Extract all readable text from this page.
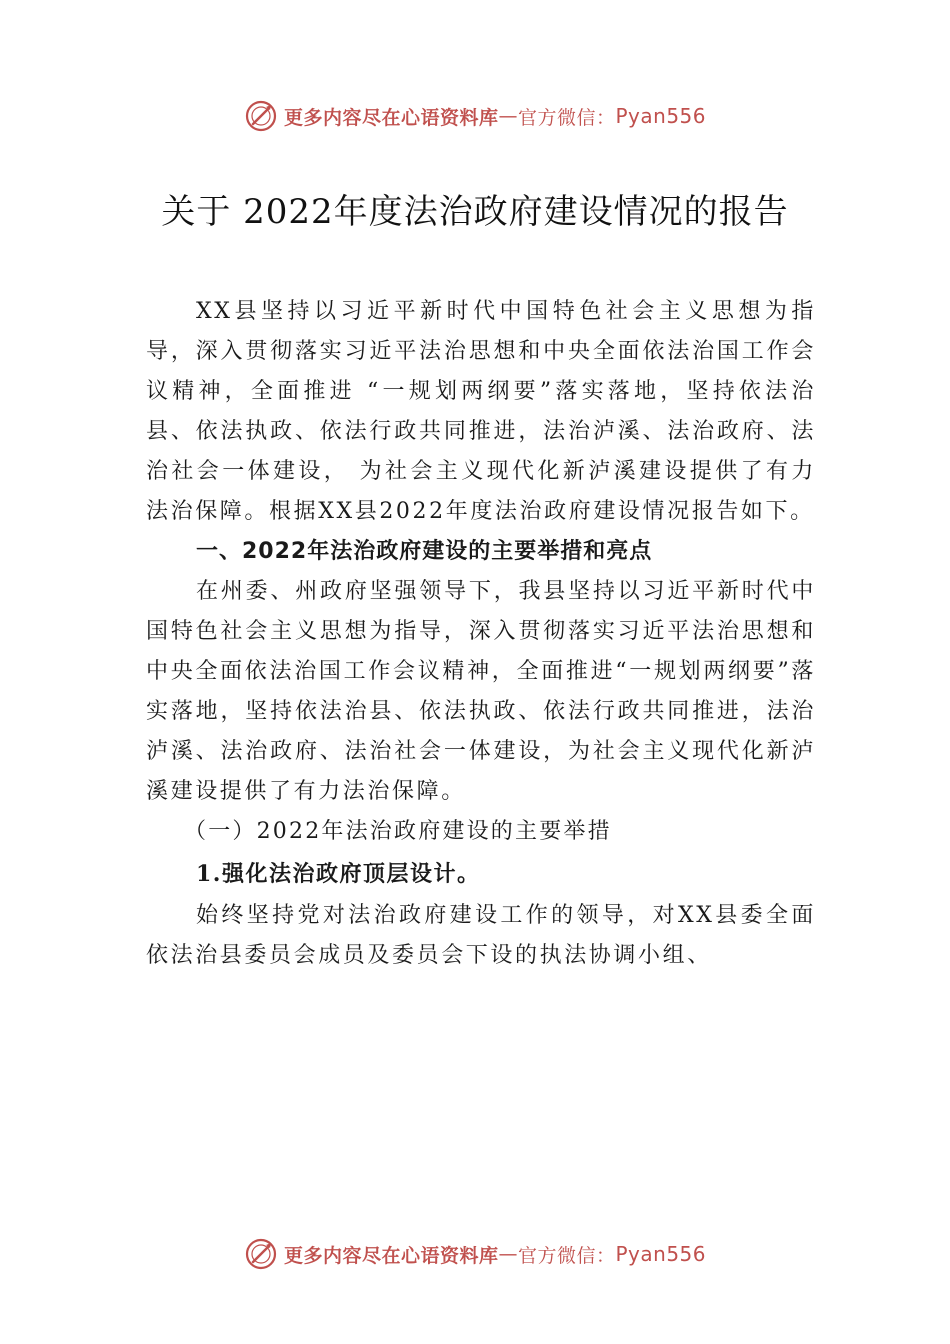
更多内容尽在心语资料库 — 官方微信： Pyan556
关于 2022年度法治政府建设情况的报告

XX县坚持以习近平新时代中国特色社会主义思想为指导，深入贯彻落实习近平法治思想和中央全面依法治国工作会议精神，全面推进 “一规划两纲要”落实落地，坚持依法治县、依法执政、依法行政共同推进，法治泸溪、法治政府、法治社会一体建设， 为社会主义现代化新泸溪建设提供了有力法治保障。根据XX县2022年度法治政府建设情况报告如下。

一、2022年法治政府建设的主要举措和亮点

在州委、州政府坚强领导下，我县坚持以习近平新时代中国特色社会主义思想为指导，深入贯彻落实习近平法治思想和中央全面依法治国工作会议精神，全面推进“一规划两纲要”落实落地，坚持依法治县、依法执政、依法行政共同推进，法治泸溪、法治政府、法治社会一体建设，为社会主义现代化新泸溪建设提供了有力法治保障。

（一）2022年法治政府建设的主要举措

1.强化法治政府顶层设计。

始终坚持党对法治政府建设工作的领导，对XX县委全面依法治县委员会成员及委员会下设的执法协调小组、

更多内容尽在心语资料库 — 官方微信： Pyan556
